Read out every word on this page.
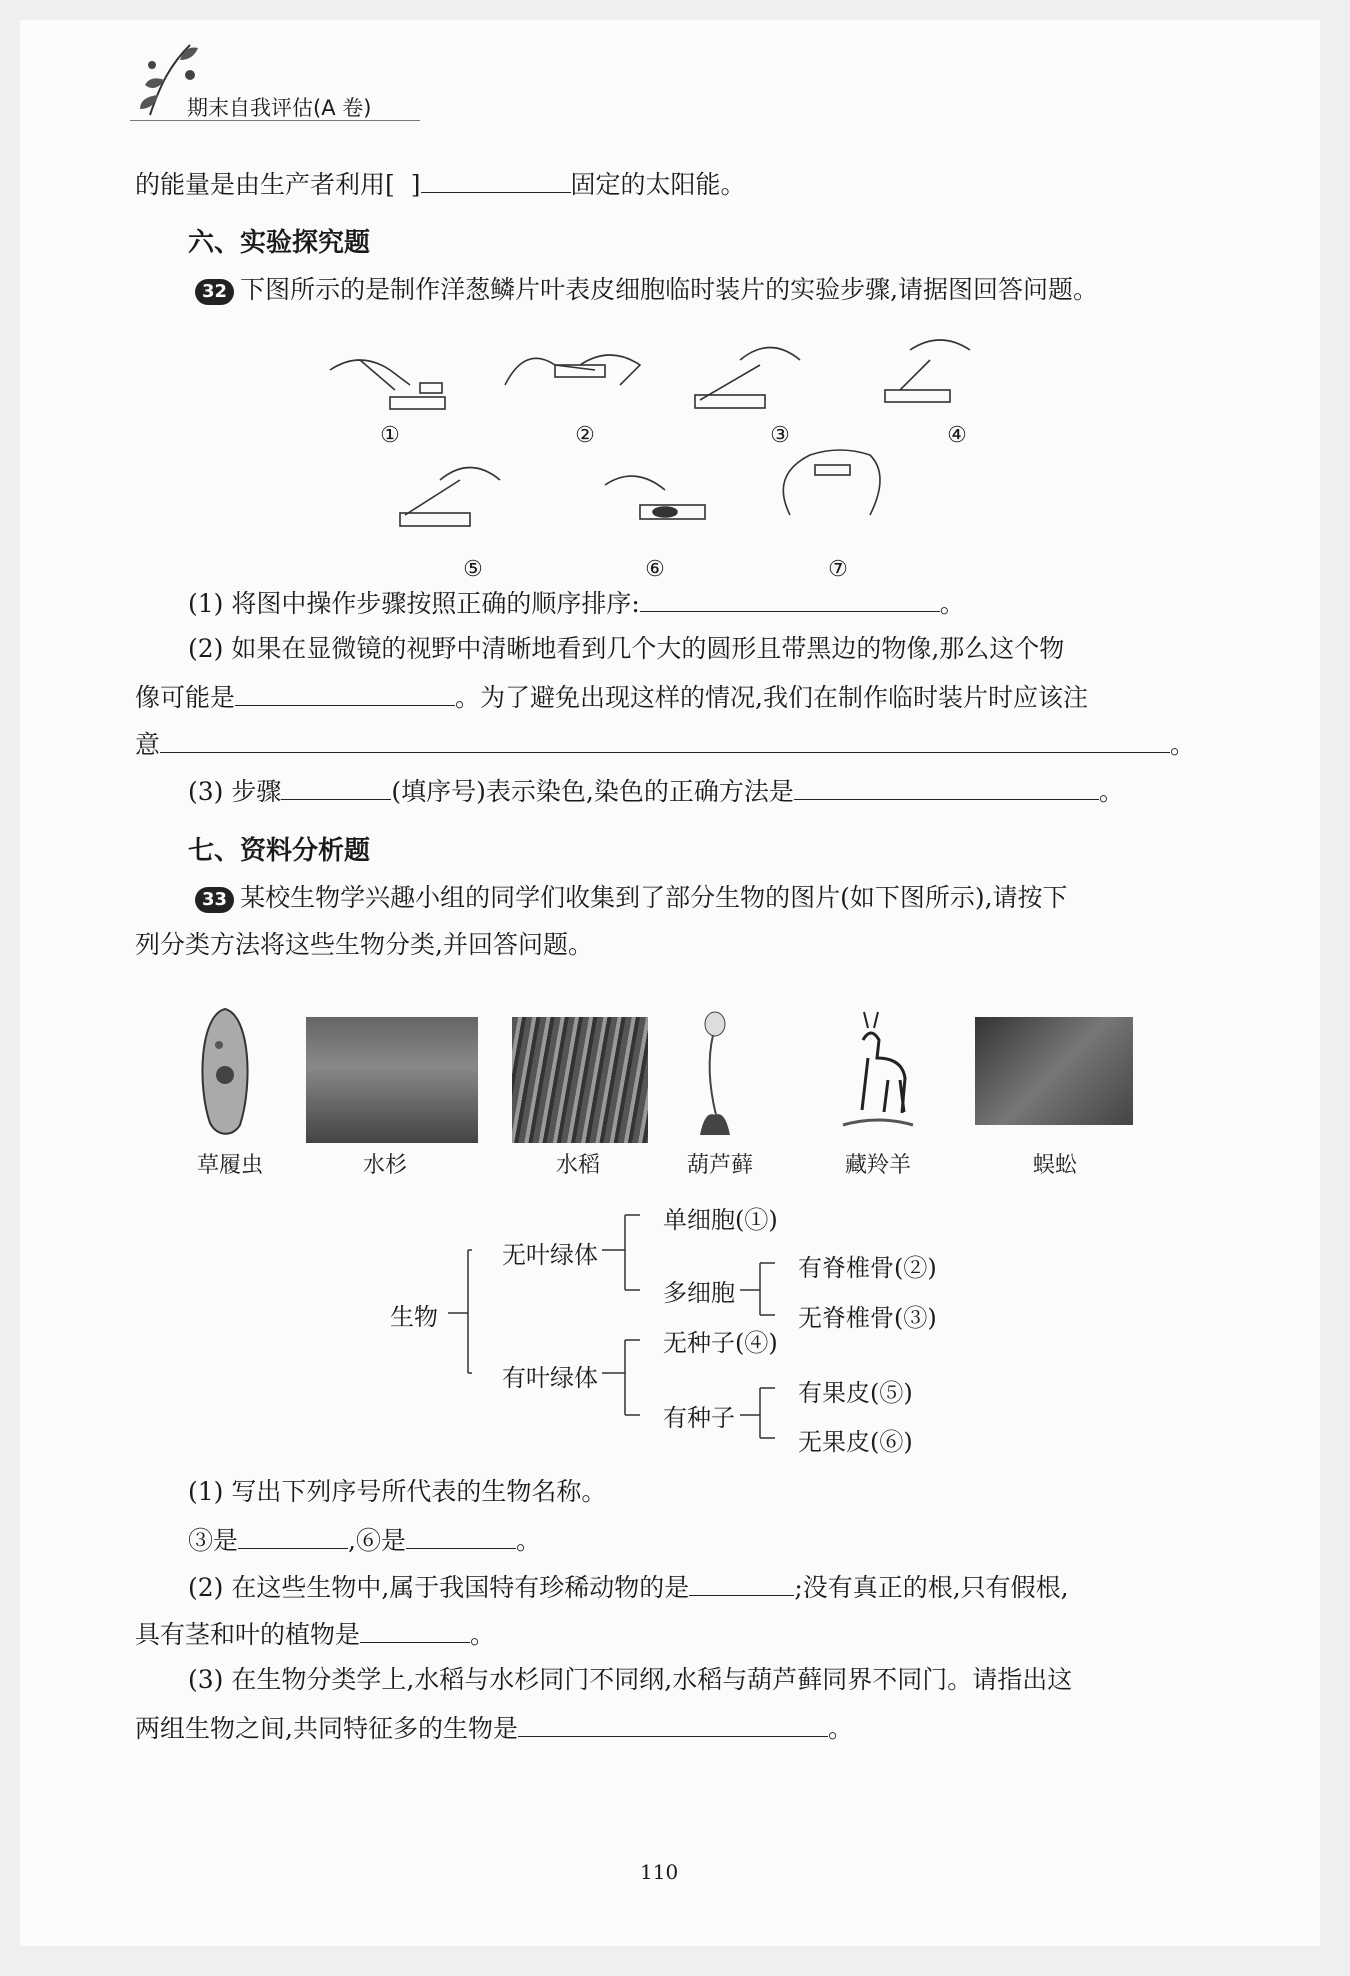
期末自我评估(A 卷)
的能量是由生产者利用[ ]	固定的太阳能。
六、实验探究题
32 下图所示的是制作洋葱鳞片叶表皮细胞临时装片的实验步骤,请据图回答问题。
①	②	③	④
⑤	⑥	⑦
(1) 将图中操作步骤按照正确的顺序排序:	。
(2) 如果在显微镜的视野中清晰地看到几个大的圆形且带黑边的物像,那么这个物
像可能是	。为了避免出现这样的情况,我们在制作临时装片时应该注
意	。
(3) 步骤	(填序号)表示染色,染色的正确方法是	。
七、资料分析题
33 某校生物学兴趣小组的同学们收集到了部分生物的图片(如下图所示),请按下
列分类方法将这些生物分类,并回答问题。
草履虫	水杉	水稻	葫芦藓	藏羚羊	蜈蚣
生物
无叶绿体
有叶绿体
单细胞(①)
多细胞
有脊椎骨(②)
无脊椎骨(③)
无种子(④)
有种子
有果皮(⑤)
无果皮(⑥)
(1) 写出下列序号所代表的生物名称。
③是	,⑥是	。
(2) 在这些生物中,属于我国特有珍稀动物的是	;没有真正的根,只有假根,
具有茎和叶的植物是	。
(3) 在生物分类学上,水稻与水杉同门不同纲,水稻与葫芦藓同界不同门。请指出这
两组生物之间,共同特征多的生物是	。
110
